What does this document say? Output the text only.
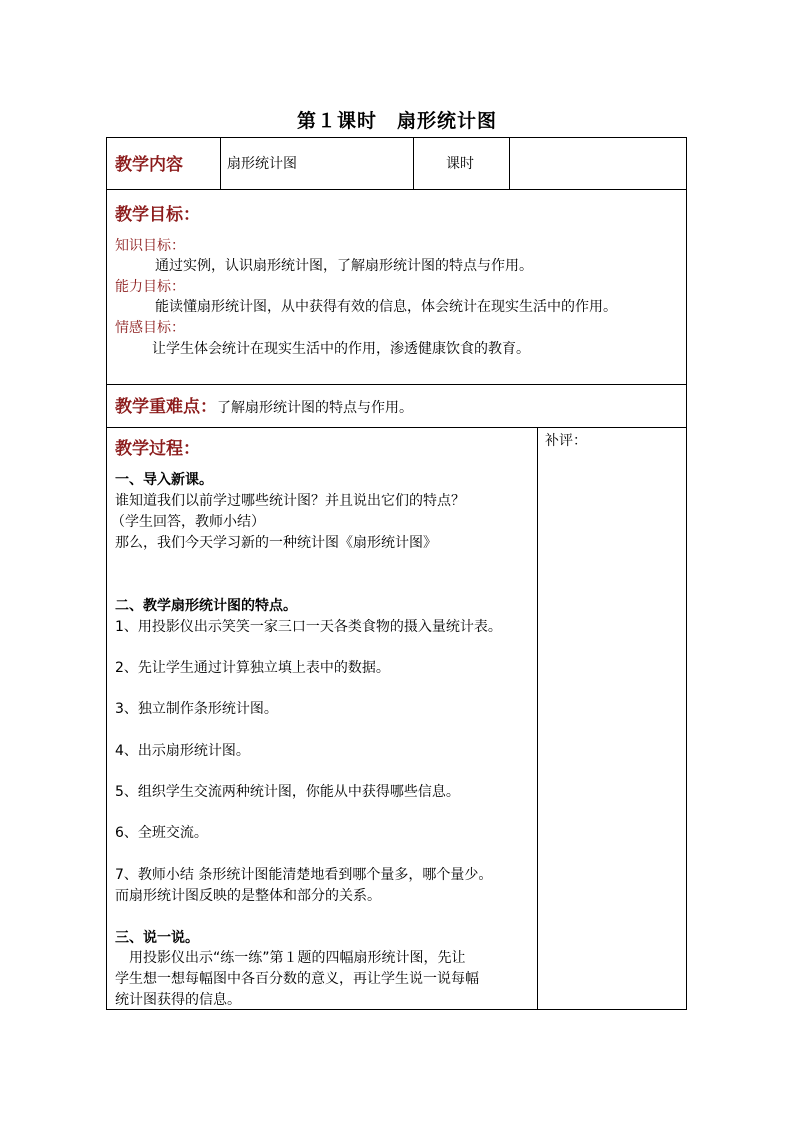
第１课时　扇形统计图
教学内容	扇形统计图	课时
教学目标：
知识目标：
通过实例，认识扇形统计图，了解扇形统计图的特点与作用。
能力目标：
能读懂扇形统计图，从中获得有效的信息，体会统计在现实生活中的作用。
情感目标：
让学生体会统计在现实生活中的作用，渗透健康饮食的教育。
教学重难点：了解扇形统计图的特点与作用。
教学过程：	补评：
一、导入新课。
谁知道我们以前学过哪些统计图？并且说出它们的特点？
（学生回答，教师小结）
那么，我们今天学习新的一种统计图《扇形统计图》
二、教学扇形统计图的特点。
1、用投影仪出示笑笑一家三口一天各类食物的摄入量统计表。
2、先让学生通过计算独立填上表中的数据。
3、独立制作条形统计图。
4、出示扇形统计图。
5、组织学生交流两种统计图，你能从中获得哪些信息。
6、全班交流。
7、教师小结 条形统计图能清楚地看到哪个量多，哪个量少。
而扇形统计图反映的是整体和部分的关系。
三、说一说。
用投影仪出示“练一练”第１题的四幅扇形统计图，先让
学生想一想每幅图中各百分数的意义，再让学生说一说每幅
统计图获得的信息。
